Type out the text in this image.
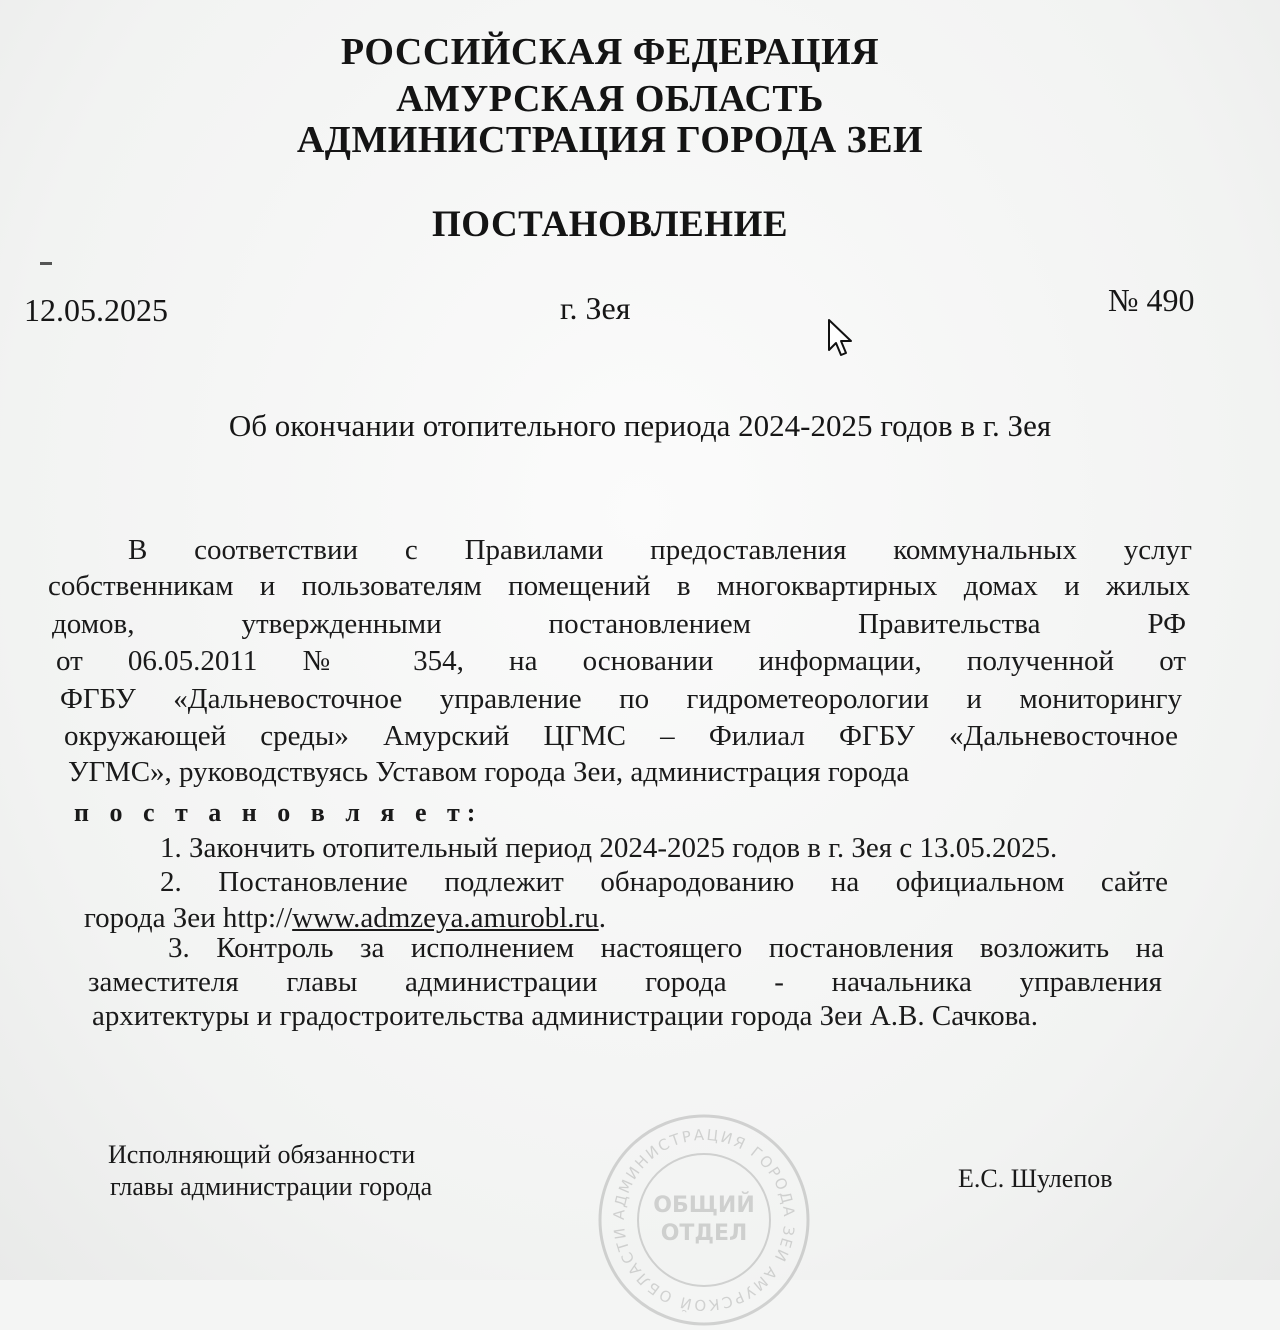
РОССИЙСКАЯ ФЕДЕРАЦИЯ
АМУРСКАЯ ОБЛАСТЬ
АДМИНИСТРАЦИЯ ГОРОДА ЗЕИ
ПОСТАНОВЛЕНИЕ
12.05.2025	г. Зея	№ 490
Об окончании отопительного периода 2024-2025 годов в г. Зея
В соответствии с Правилами предоставления коммунальных услуг
собственникам и пользователям помещений в многоквартирных домах и жилых
домов, утвержденными постановлением Правительства РФ
от 06.05.2011 № 354, на основании информации, полученной от
ФГБУ «Дальневосточное управление по гидрометеорологии и мониторингу
окружающей среды» Амурский ЦГМС – Филиал ФГБУ «Дальневосточное
УГМС», руководствуясь Уставом города Зеи, администрация города
п о с т а н о в л я е т:
1. Закончить отопительный период 2024-2025 годов в г. Зея с 13.05.2025.
2. Постановление подлежит обнародованию на официальном сайте
города Зеи http://www.admzeya.amurobl.ru.
3. Контроль за исполнением настоящего постановления возложить на
заместителя главы администрации города - начальника управления
архитектуры и градостроительства администрации города Зеи А.В. Сачкова.
Исполняющий обязанности
главы администрации города	Е.С. Шулепов
АДМИНИСТРАЦИЯ ГОРОДА ЗЕИ АМУРСКОЙ ОБЛАСТИ
ОБЩИЙ
ОТДЕЛ
